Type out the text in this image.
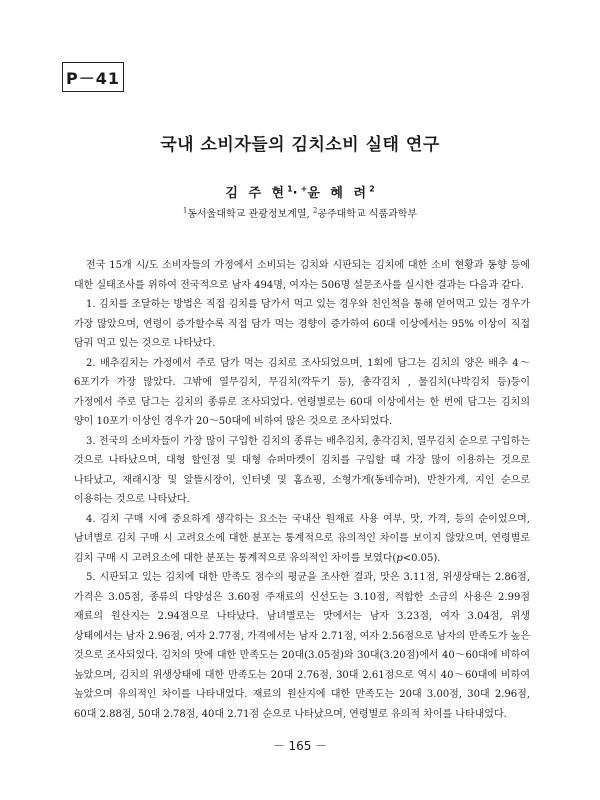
P－41
국내 소비자들의 김치소비 실태 연구
김 주 현$^1$·+윤 혜 려$^2$
$^1$동서울대학교 관광정보계열, $^2$공주대학교 식품과학부

전국 15개 시/도 소비자들의 가정에서 소비되는 김치와 시판되는 김치에 대한 소비 현황과 동향 등에 대한 실태조사를 위하여 전국적으로 남자 494명, 여자는 506명 설문조사를 실시한 결과는 다음과 같다.

1. 김치를 조달하는 방법은 직접 김치를 담가서 먹고 있는 경우와 친인척을 통해 얻어먹고 있는 경우가 가장 많았으며, 연령이 증가할수록 직접 담가 먹는 경향이 증가하여 60대 이상에서는 95% 이상이 직접 담궈 먹고 있는 것으로 나타났다.

2. 배추김치는 가정에서 주로 담가 먹는 김치로 조사되었으며, 1회에 담그는 김치의 양은 배추 4～6포기가 가장 많았다. 그밖에 열무김치, 무김치(깍두기 등), 총각김치 , 물김치(나박김치 등)등이 가정에서 주로 담그는 김치의 종류로 조사되었다. 연령별로는 60대 이상에서는 한 번에 담그는 김치의 양이 10포기 이상인 경우가 20～50대에 비하여 많은 것으로 조사되었다.

3. 전국의 소비자들이 가장 많이 구입한 김치의 종류는 배추김치, 총각김치, 열무김치 순으로 구입하는 것으로 나타났으며, 대형 할인점 및 대형 슈퍼마켓이 김치를 구입할 때 가장 많이 이용하는 것으로 나타났고, 재래시장 및 알뜰시장이, 인터넷 및 홈쇼핑, 소형가게(동네슈퍼), 반찬가게, 지인 순으로 이용하는 것으로 나타났다.

4. 김치 구매 시에 중요하게 생각하는 요소는 국내산 원재료 사용 여부, 맛, 가격, 등의 순이었으며, 남녀별로 김치 구매 시 고려요소에 대한 분포는 통계적으로 유의적인 차이를 보이지 않았으며, 연령별로 김치 구매 시 고려요소에 대한 분포는 통계적으로 유의적인 차이를 보였다(p<0.05).

5. 시판되고 있는 김치에 대한 만족도 점수의 평균을 조사한 결과, 맛은 3.11점, 위생상태는 2.86점, 가격은 3.05점, 종류의 다양성은 3.60점 주재료의 신선도는 3.10점, 적합한 소금의 사용은 2.99점 재료의 원산지는 2.94점으로 나타났다. 남녀별로는 맛에서는 남자 3.23점, 여자 3.04점, 위생 상태에서는 남자 2.96점, 여자 2.77점, 가격에서는 남자 2.71점, 여자 2.56점으로 남자의 만족도가 높은 것으로 조사되었다. 김치의 맛에 대한 만족도는 20대(3.05점)와 30대(3.20점)에서 40～60대에 비하여 높았으며, 김치의 위생상태에 대한 만족도는 20대 2.76점, 30대 2.61점으로 역시 40～60대에 비하여 높았으며 유의적인 차이를 나타내었다. 재료의 원산지에 대한 만족도는 20대 3.00점, 30대 2.96점, 60대 2.88점, 50대 2.78점, 40대 2.71점 순으로 나타났으며, 연령별로 유의적 차이를 나타내었다.

－ 165 －
